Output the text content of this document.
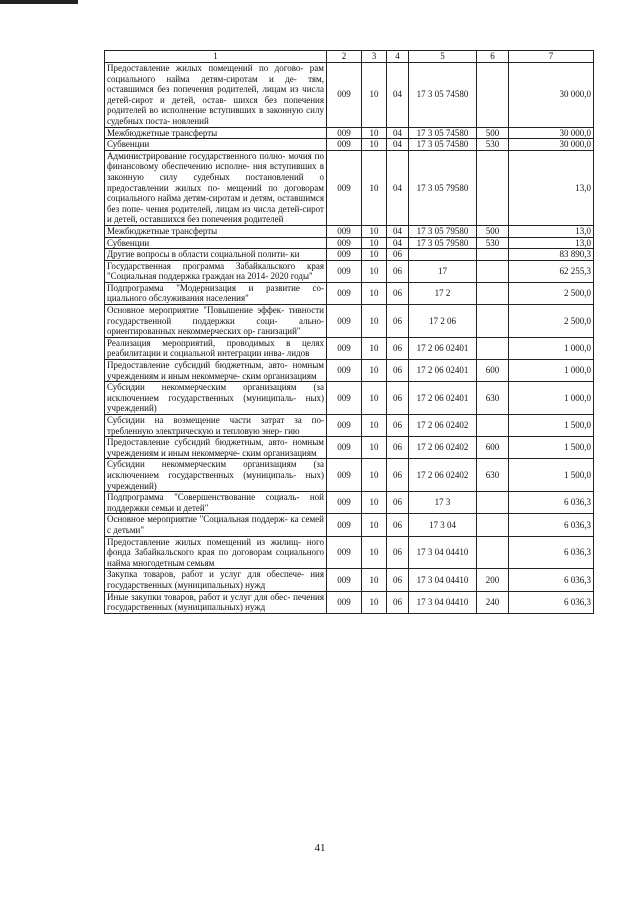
1	2	3	4	5	6	7
Предоставление жилых помещений по догово- рам социального найма детям-сиротам и де- тям, оставшимся без попечения родителей, лицам из числа детей-сирот и детей, остав- шихся без попечения родителей во исполнение вступивших в законную силу судебных поста- новлений	009	10	04	17 3 05 74580		30 000,0
Межбюджетные трансферты	009	10	04	17 3 05 74580	500	30 000,0
Субвенции	009	10	04	17 3 05 74580	530	30 000,0
Администрирование государственного полно- мочия по финансовому обеспечению исполне- ния вступивших в законную силу судебных постановлений о предоставлении жилых по- мещений по договорам социального найма детям-сиротам и детям, оставшимся без попе- чения родителей, лицам из числа детей-сирот и детей, оставшихся без попечения родителей	009	10	04	17 3 05 79580		13,0
Межбюджетные трансферты	009	10	04	17 3 05 79580	500	13,0
Субвенции	009	10	04	17 3 05 79580	530	13,0
Другие вопросы в области социальной полити- ки	009	10	06			83 890,3
Государственная программа Забайкальского края "Социальная поддержка граждан на 2014- 2020 годы"	009	10	06	17		62 255,3
Подпрограмма "Модернизация и развитие со- циального обслуживания населения"	009	10	06	17 2		2 500,0
Основное мероприятие "Повышение эффек- тивности государственной поддержки соци- ально-ориентированных некоммерческих ор- ганизаций"	009	10	06	17 2 06		2 500,0
Реализация мероприятий, проводимых в целях реабилитации и социальной интеграции инва- лидов	009	10	06	17 2 06 02401		1 000,0
Предоставление субсидий бюджетным, авто- номным учреждениям и иным некоммерче- ским организациям	009	10	06	17 2 06 02401	600	1 000,0
Субсидии некоммерческим организациям (за исключением государственных (муниципаль- ных) учреждений)	009	10	06	17 2 06 02401	630	1 000,0
Субсидии на возмещение части затрат за по- требленную электрическую и тепловую энер- гию	009	10	06	17 2 06 02402		1 500,0
Предоставление субсидий бюджетным, авто- номным учреждениям и иным некоммерче- ским организациям	009	10	06	17 2 06 02402	600	1 500,0
Субсидии некоммерческим организациям (за исключением государственных (муниципаль- ных) учреждений)	009	10	06	17 2 06 02402	630	1 500,0
Подпрограмма "Совершенствование социаль- ной поддержки семьи и детей"	009	10	06	17 3		6 036,3
Основное мероприятие "Социальная поддерж- ка семей с детьми"	009	10	06	17 3 04		6 036,3
Предоставление жилых помещений из жилищ- ного фонда Забайкальского края по договорам социального найма многодетным семьям	009	10	06	17 3 04 04410		6 036,3
Закупка товаров, работ и услуг для обеспече- ния государственных (муниципальных) нужд	009	10	06	17 3 04 04410	200	6 036,3
Иные закупки товаров, работ и услуг для обес- печения государственных (муниципальных) нужд	009	10	06	17 3 04 04410	240	6 036,3
41
